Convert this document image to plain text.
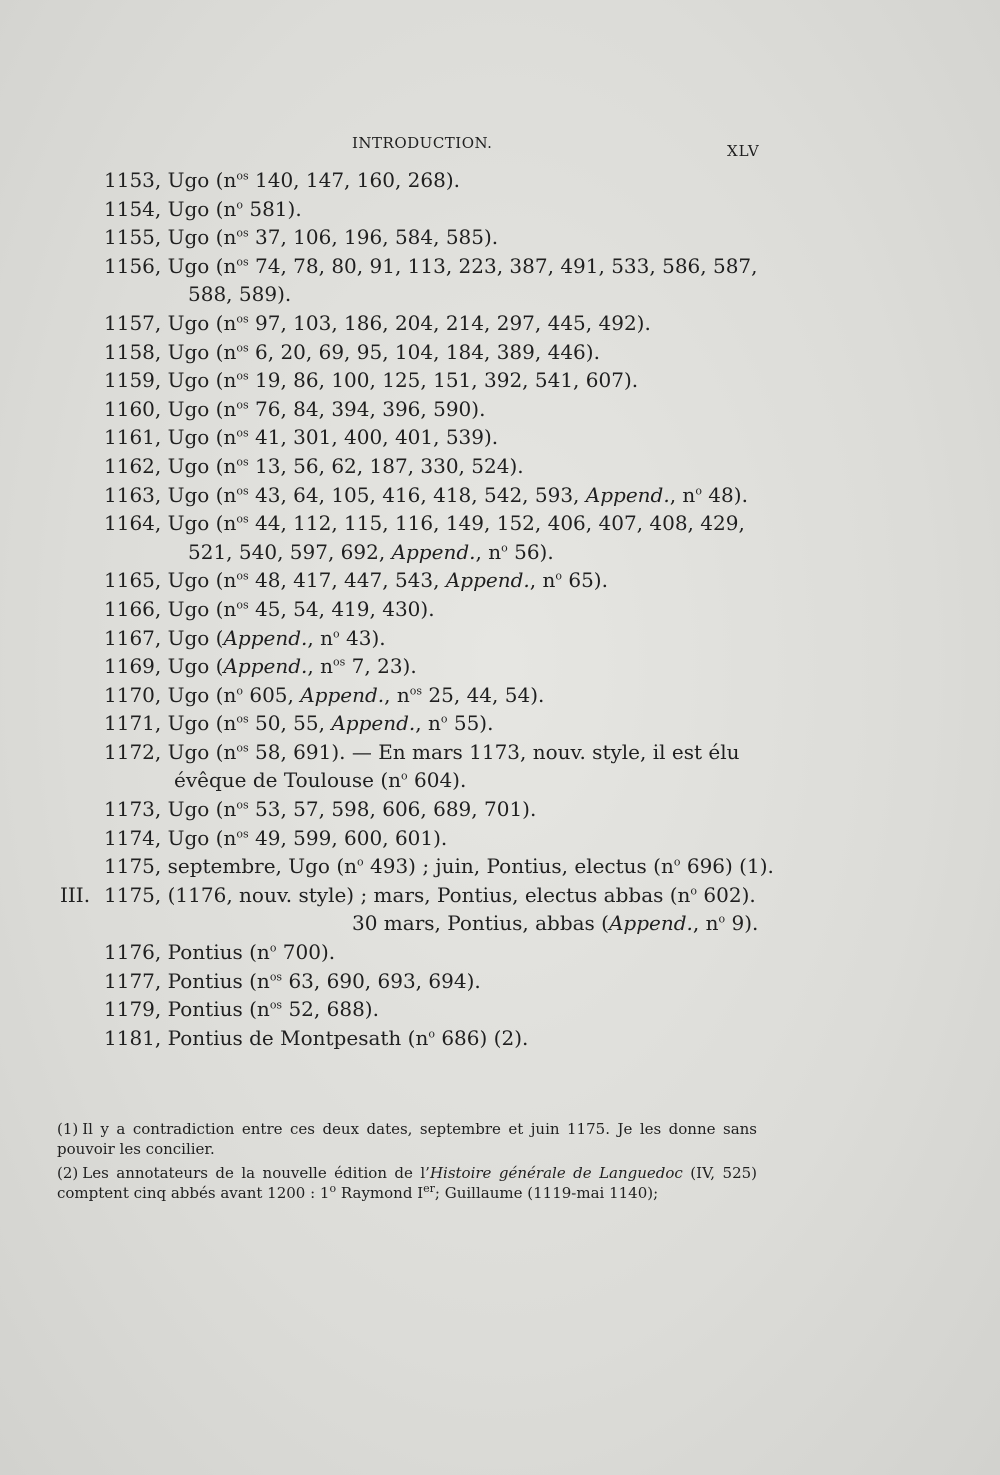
INTRODUCTION.	XLV
1153, Ugo ($n^{os}$ 140, 147, 160, 268).
1154, Ugo ($n^o$ 581).
1155, Ugo ($n^{os}$ 37, 106, 196, 584, 585).
1156, Ugo ($n^{os}$ 74, 78, 80, 91, 113, 223, 387, 491, 533, 586, 587,
588, 589).
1157, Ugo ($n^{os}$ 97, 103, 186, 204, 214, 297, 445, 492).
1158, Ugo ($n^{os}$ 6, 20, 69, 95, 104, 184, 389, 446).
1159, Ugo ($n^{os}$ 19, 86, 100, 125, 151, 392, 541, 607).
1160, Ugo ($n^{os}$ 76, 84, 394, 396, 590).
1161, Ugo ($n^{os}$ 41, 301, 400, 401, 539).
1162, Ugo ($n^{os}$ 13, 56, 62, 187, 330, 524).
1163, Ugo ($n^{os}$ 43, 64, 105, 416, 418, 542, 593, Append., $n^o$ 48).
1164, Ugo ($n^{os}$ 44, 112, 115, 116, 149, 152, 406, 407, 408, 429,
521, 540, 597, 692, Append., $n^o$ 56).
1165, Ugo ($n^{os}$ 48, 417, 447, 543, Append., $n^o$ 65).
1166, Ugo ($n^{os}$ 45, 54, 419, 430).
1167, Ugo (Append., $n^o$ 43).
1169, Ugo (Append., $n^{os}$ 7, 23).
1170, Ugo ($n^o$ 605, Append., $n^{os}$ 25, 44, 54).
1171, Ugo ($n^{os}$ 50, 55, Append., $n^o$ 55).
1172, Ugo ($n^{os}$ 58, 691). — En mars 1173, nouv. style, il est élu
évêque de Toulouse ($n^o$ 604).
1173, Ugo ($n^{os}$ 53, 57, 598, 606, 689, 701).
1174, Ugo ($n^{os}$ 49, 599, 600, 601).
1175, septembre, Ugo ($n^o$ 493) ; juin, Pontius, electus ($n^o$ 696) (1).
III. 1175, (1176, nouv. style) ; mars, Pontius, electus abbas ($n^o$ 602).
30 mars, Pontius, abbas (Append., $n^o$ 9).
1176, Pontius ($n^o$ 700).
1177, Pontius ($n^{os}$ 63, 690, 693, 694).
1179, Pontius ($n^{os}$ 52, 688).
1181, Pontius de Montpesath ($n^o$ 686) (2).
(1) Il y a contradiction entre ces deux dates, septembre et juin 1175. Je les donne sans pouvoir les concilier.
(2) Les annotateurs de la nouvelle édition de l’Histoire générale de Languedoc (IV, 525) comptent cinq abbés avant 1200 : 1$^o$ Raymond Ier; Guillaume (1119-mai 1140);
